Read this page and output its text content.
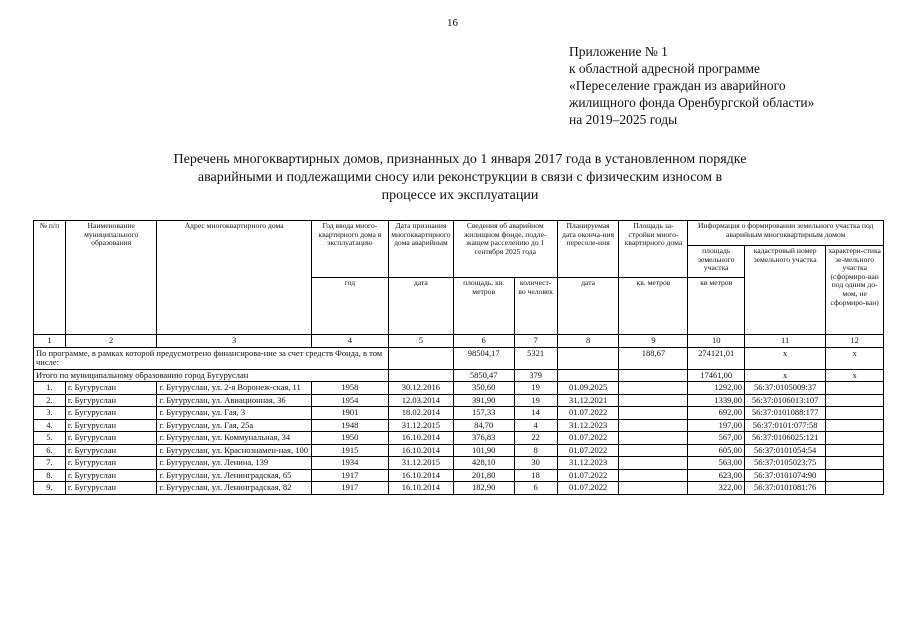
16
Приложение № 1
к областной адресной программе
«Переселение граждан из аварийного
жилищного фонда Оренбургской области»
на 2019–2025 годы
Перечень многоквартирных домов, признанных до 1 января 2017 года в установленном порядке
аварийными и подлежащими сносу или реконструкции в связи с физическим износом в
процессе их эксплуатации
№ п/п	Наименование муниципального образования	Адрес многоквартирного дома	Год ввода много-квартирного дома в эксплуатацию	Дата признания многоквартирного дома аварийным	Сведения об аварийном жилищном фонде, подле-жащем расселению до 1 сентября 2025 года		Планируемая дата оконча-ния пересоле-ния	Площадь за-стройки много-квартирного дома	Информация о формировании земельного участка под аварийным многоквартирным домом		
									площадь земельного участка	кадастровый номер земельного участка	характери-стика зе-мельного участка (сформиро-ван под одним до-мом, не сформиро-ван)
			год	дата	площадь, кв. метров	количест-во человек	дата	кв. метров	кв метров		
1	2	3	4	5	6	7	8	9	10	11	12
По программе, в рамках которой предусмотрено финансирова-ние за счет средств Фонда, в том числе:					98504,17	5321		188,67	274121,01	х	х
Итого по муниципальному образованию город Бугуруслан					5850,47	379			17461,00	х	х
1.	г. Бугуруслан	г. Бугуруслан, ул. 2-я Воронеж-ская, 11	1958	30.12.2016	350,60	19	01.09.2025		1292,00	56:37:0105009:37	
2.	г. Бугуруслан	г. Бугуруслан, ул. Авиационная, 36	1954	12.03.2014	391,90	19	31.12.2021		1339,00	56:37:0106013:107	
3.	г. Бугуруслан	г. Бугуруслан, ул. Гая, 3	1901	18.02.2014	157,33	14	01.07.2022		692,00	56:37:0101088:177	
4.	г. Бугуруслан	г. Бугуруслан, ул. Гая, 25а	1948	31.12.2015	84,70	4	31.12.2023		197,00	56:37:0101:077:58	
5.	г. Бугуруслан	г. Бугуруслан, ул. Коммунальная, 34	1950	16.10.2014	376,83	22	01.07.2022		567,00	56:37:0106025:121	
6.	г. Бугуруслан	г. Бугуруслан, ул. Краснознамен-ная, 100	1915	16.10.2014	101,90	8	01.07.2022		605,00	56:37:0101054:54	
7.	г. Бугуруслан	г. Бугуруслан, ул. Ленина, 139	1934	31.12.2015	428,10	30	31.12.2023		563,00	56:37:0105023:75	
8.	г. Бугуруслан	г. Бугуруслан, ул. Ленинградская, 65	1917	16.10.2014	201,80	18	01.07.2022		623,00	56:37:0101074:90	
9.	г. Бугуруслан	г. Бугуруслан, ул. Ленинградская, 82	1917	16.10.2014	182,90	6	01.07.2022		322,00	56:37:0101081:76	
